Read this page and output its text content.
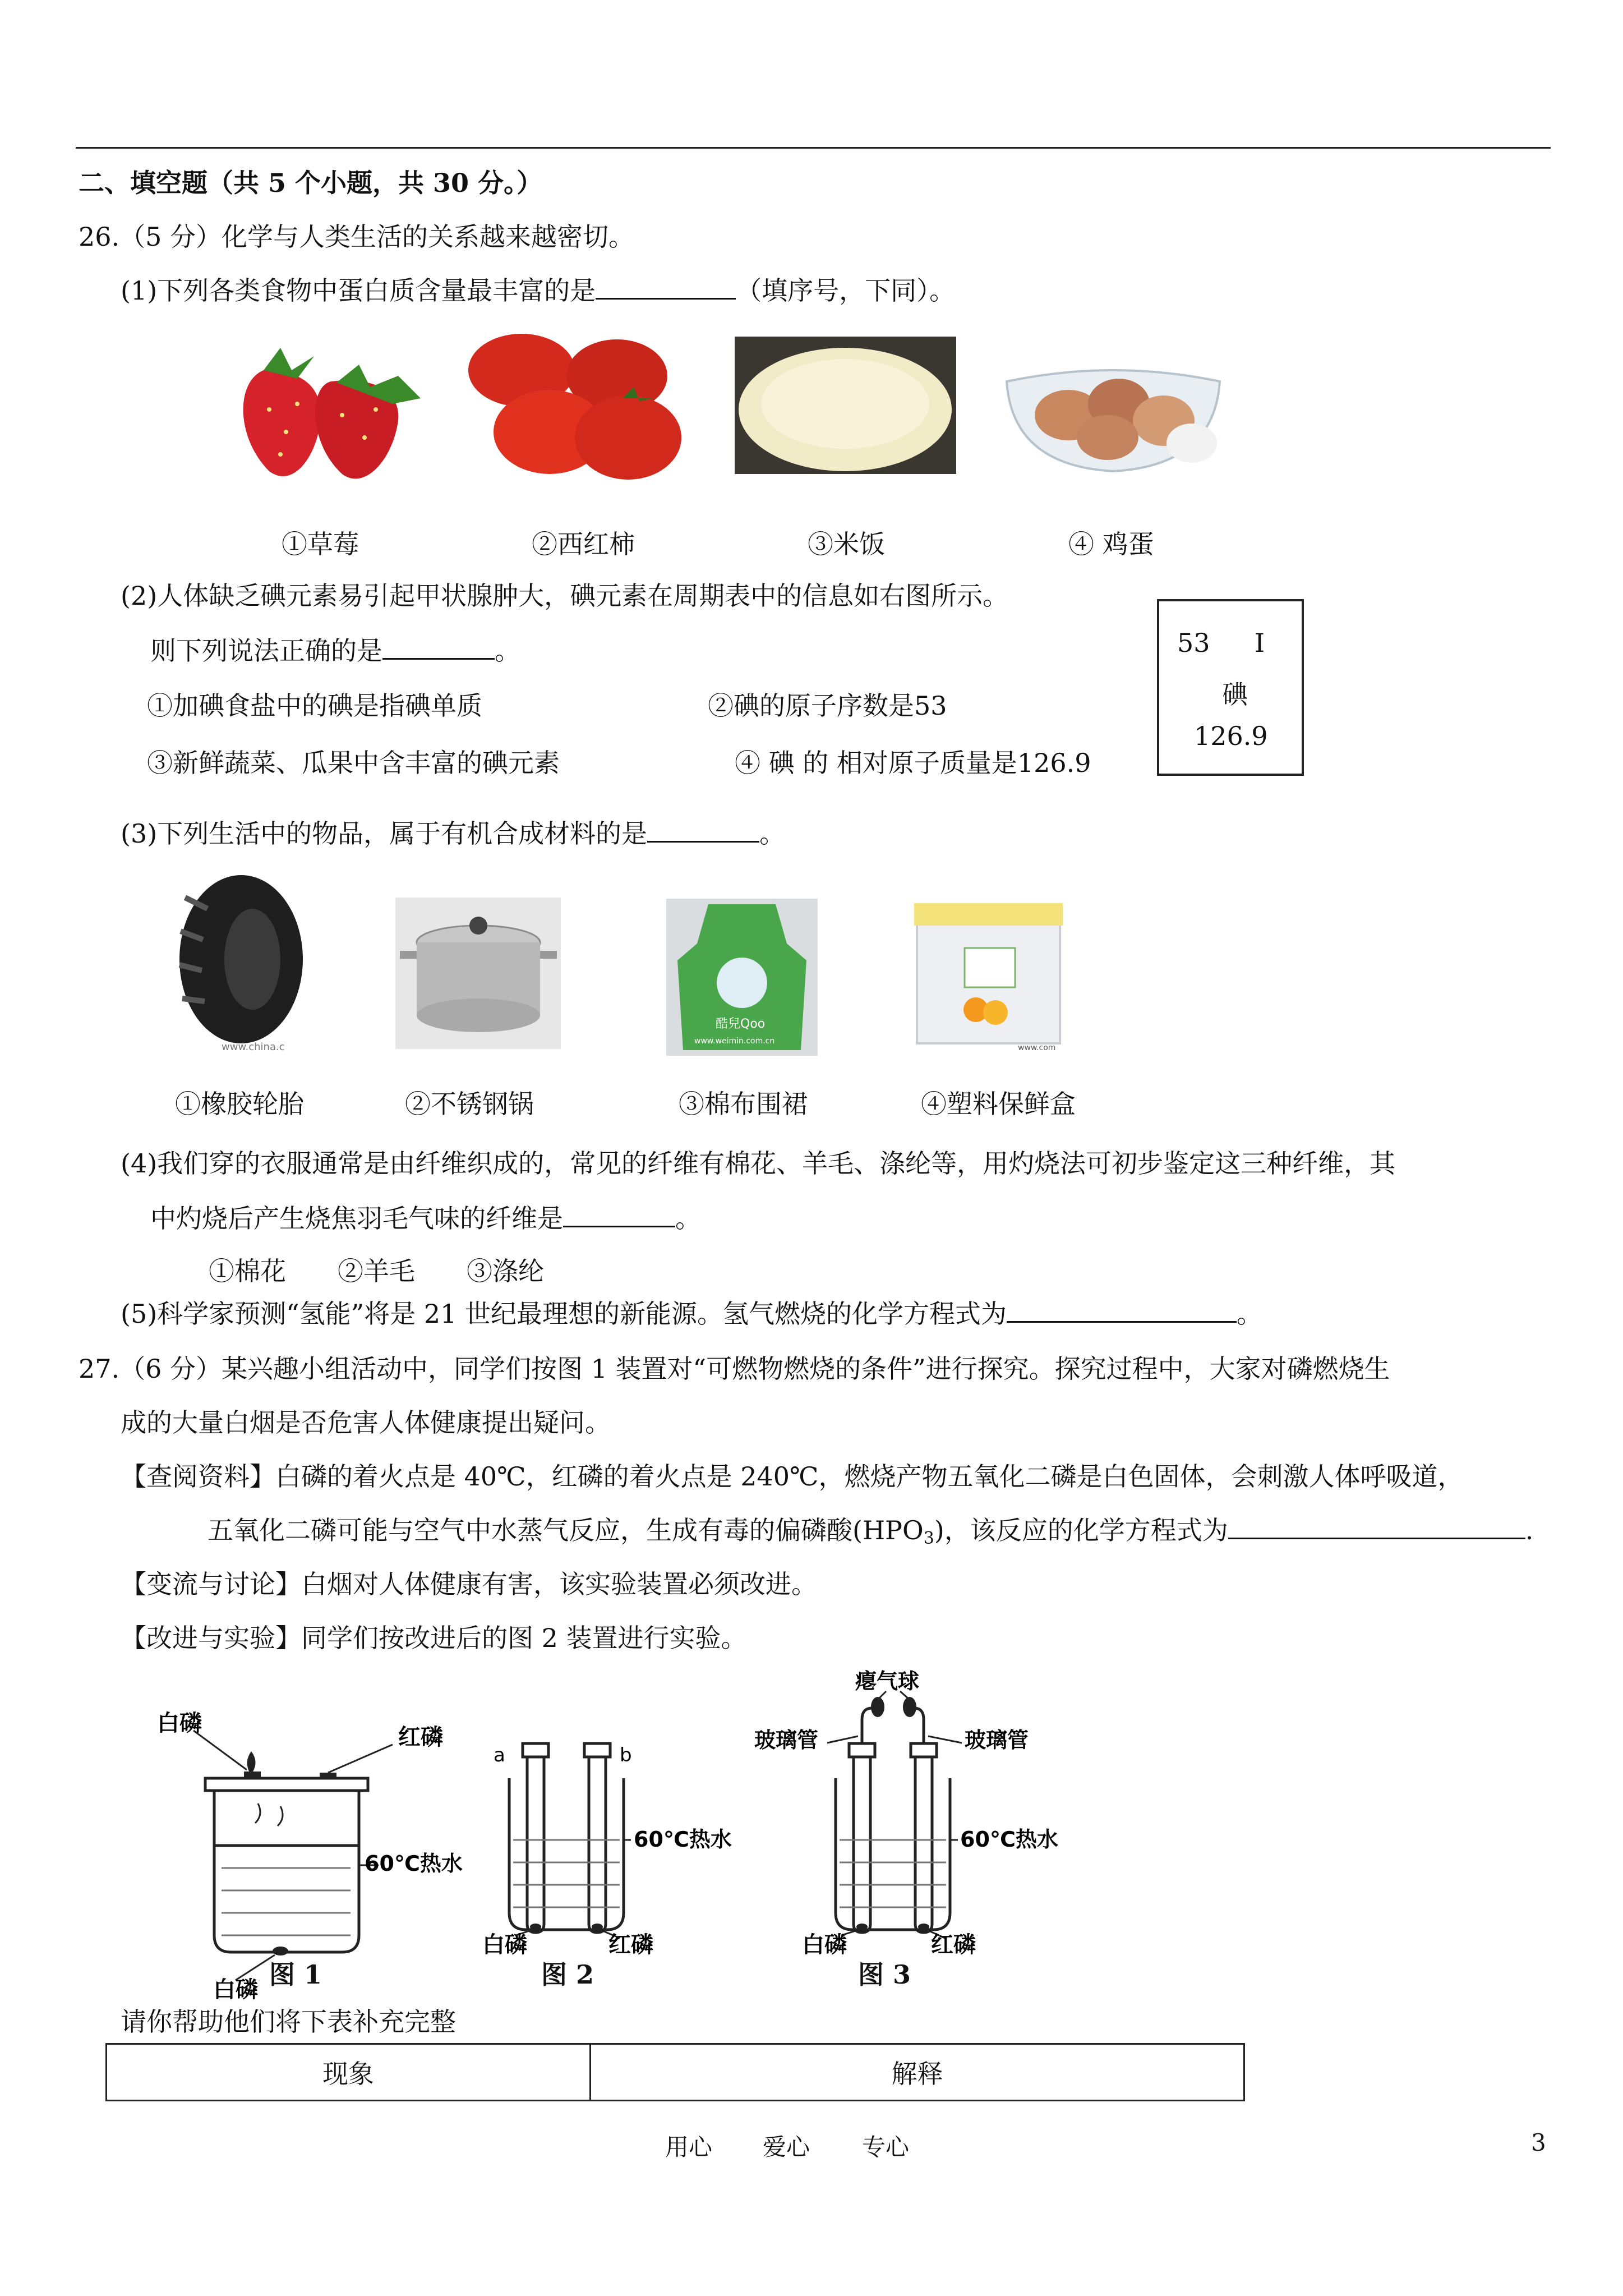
二、填空题（共 5 个小题，共 30 分。）
26.（5 分）化学与人类生活的关系越来越密切。
(1)下列各类食物中蛋白质含量最丰富的是	（填序号，下同）。
①草莓	②西红柿	③米饭	④ 鸡蛋
(2)人体缺乏碘元素易引起甲状腺肿大，碘元素在周期表中的信息如右图所示。
则下列说法正确的是	。
①加碘食盐中的碘是指碘单质	②碘的原子序数是53
③新鲜蔬菜、瓜果中含丰富的碘元素	④ 碘 的 相对原子质量是126.9
53 I
碘
126.9
(3)下列生活中的物品，属于有机合成材料的是	。
www.china.c
酷兒Qoo
www.weimin.com.cn
www.com
①橡胶轮胎	②不锈钢锅	③棉布围裙	④塑料保鲜盒
(4)我们穿的衣服通常是由纤维织成的，常见的纤维有棉花、羊毛、涤纶等，用灼烧法可初步鉴定这三种纤维，其
中灼烧后产生烧焦羽毛气味的纤维是	。
①棉花　　②羊毛　　③涤纶
(5)科学家预测“氢能”将是 21 世纪最理想的新能源。氢气燃烧的化学方程式为	。
27.（6 分）某兴趣小组活动中，同学们按图 1 装置对“可燃物燃烧的条件”进行探究。探究过程中，大家对磷燃烧生
成的大量白烟是否危害人体健康提出疑问。
【查阅资料】白磷的着火点是 40℃，红磷的着火点是 240℃，燃烧产物五氧化二磷是白色固体，会刺激人体呼吸道，
五氧化二磷可能与空气中水蒸气反应，生成有毒的偏磷酸$(HPO_3)$，该反应的化学方程式为	.
【变流与讨论】白烟对人体健康有害，该实验装置必须改进。
【改进与实验】同学们按改进后的图 2 装置进行实验。
白磷
红磷
60℃热水
白磷 图 1
a	b
60℃热水
白磷	红磷
图 2
瘪气球
玻璃管	玻璃管
60℃热水
白磷	红磷
图 3
请你帮助他们将下表补充完整
现象	解释
用心 爱心 专心	3
